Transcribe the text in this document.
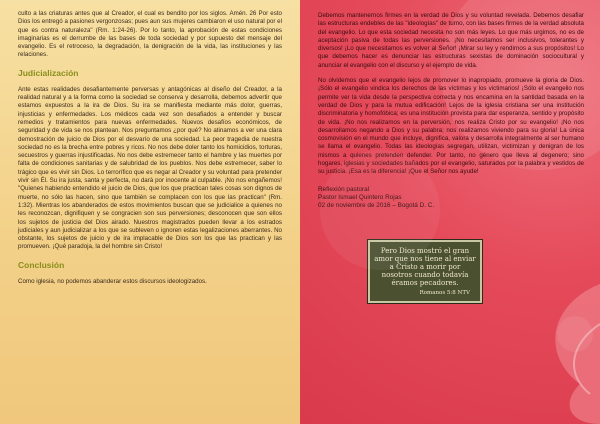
culto a las criaturas antes que al Creador, el cual es bendito por los siglos. Amén. 26 Por esto Dios los entregó a pasiones vergonzosas; pues aun sus mujeres cambiaron el uso natural por el que es contra naturaleza" (Rm. 1:24-26). Por lo tanto, la aprobación de estas condiciones imaginarias es el derrumbe de las bases de toda sociedad y por supuesto del mensaje del evangelio. Es el retroceso, la degradación, la denigración de la vida, las instituciones y las relaciones.

Judicialización

Ante estas realidades desafiantemente perversas y antagónicas al diseño del Creador, a la realidad natural y a la forma como la sociedad se conserva y desarrolla, debemos advertir que estamos expuestos a la ira de Dios. Su ira se manifiesta mediante más dolor, guerras, injusticias y enfermedades. Los médicos cada vez son desafiados a entender y buscar remedios y tratamientos para nuevas enfermedades. Nuevos desafíos económicos, de seguridad y de vida se nos plantean. Nos preguntamos ¿por qué? No atinamos a ver una clara demostración de juicio de Dios por el desvarío de una sociedad. La peor tragedia de nuestra sociedad no es la brecha entre pobres y ricos. No nos debe doler tanto los homicidios, torturas, secuestros y guerras injustificadas. No nos debe estremecer tanto el hambre y las muertes por falta de condiciones sanitarias y de salubridad de los pueblos. Nos debe estremecer, saber lo trágico que es vivir sin Dios. Lo terrorífico que es negar al Creador y su voluntad para pretender vivir sin Él. Su ira justa, santa y perfecta, no dará por inocente al culpable. ¡No nos engañemos! "Quienes habiendo entendido el juicio de Dios, que los que practican tales cosas son dignos de muerte, no sólo las hacen, sino que también se complacen con los que las practican" (Rm. 1:32). Mientras los abanderados de estos movimientos buscan que se judicialice a quienes no les reconozcan, dignifiquen y se congracien son sus perversiones; desconocen que son ellos los sujetos de justicia del Dios airado. Nuestros magistrados pueden llevar a los estrados judiciales y aun judicializar a los que se subleven o ignoren estas legalizaciones aberrantes. No obstante, los sujetos de juicio y de ira implacable de Dios son los que las practican y las promueven. ¡Qué paradoja, la del hombre sin Cristo!

Conclusión

Como iglesia, no podemos abanderar estos discursos ideologizados.

Debemos mantenernos firmes en la verdad de Dios y su voluntad revelada. Debemos desafiar las estructuras endebles de las "ideologías" de turno, con las bases firmes de la verdad absoluta del evangelio. Lo que esta sociedad necesita no son más leyes. Lo que más urgimos, no es de aceptación pasiva de todas las perversiones. ¡No necesitamos ser inclusivos, tolerantes y diversos! ¡Lo que necesitamos es volver al Señor! ¡Mirar su ley y rendirnos a sus propósitos! Lo que debemos hacer es denunciar las estructuras sexistas de dominación sociocultural y anunciar el evangelio con el discurso y el ejemplo de vida.

No olvidemos que el evangelio lejos de promover lo inapropiado, promueve la gloria de Dios. ¡Sólo el evangelio vindica los derechos de las víctimas y los victimarios! ¡Sólo el evangelio nos permite ver la vida desde la perspectiva correcta y nos encamina en la santidad basada en la verdad de Dios y para la mutua edificación! Lejos de la iglesia cristiana ser una institución discriminatoria y homofóbica; es una institución provista para dar esperanza, sentido y propósito de vida. ¡No nos realizamos en la perversión, nos realiza Cristo por su evangelio! ¡No nos desarrollamos negando a Dios y su palabra; nos realizamos viviendo para su gloria! La única cosmovisión en el mundo que incluye, dignifica, valora y desarrolla integralmente al ser humano se llama el evangelio. Todas las ideologías segregan, utilizan, victimizan y denigran de los mismos a quienes pretenden defender. Por tanto, no género que lleva al degenero; sino hogares, iglesias y sociedades bañados por el evangelio, saturados por la palabra y vestidos de su justicia. ¡Esa es la diferencia! ¡Que el Señor nos ayude!

Reflexión pastoral
Pastor Ismael Quintero Rojas
02 de noviembre de 2016 – Bogotá D. C.
Pero Dios mostró el gran amor que nos tiene al enviar a Cristo a morir por nosotros cuando todavía éramos pecadores.
Romanos 5:8 NTV
